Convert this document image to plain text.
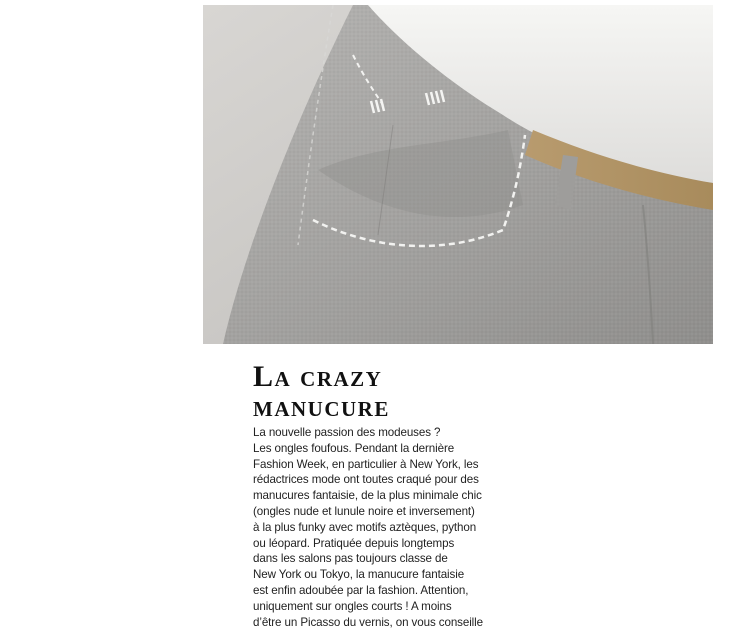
La crazy
manucure
La nouvelle passion des modeuses ?
Les ongles foufous. Pendant la dernière
Fashion Week, en particulier à New York, les
rédactrices mode ont toutes craqué pour des
manucures fantaisie, de la plus minimale chic
(ongles nude et lunule noire et inversement)
à la plus funky avec motifs aztèques, python
ou léopard. Pratiquée depuis longtemps
dans les salons pas toujours classe de
New York ou Tokyo, la manucure fantaisie
est enfin adoubée par la fashion. Attention,
uniquement sur ongles courts ! A moins
d’être un Picasso du vernis, on vous conseille
